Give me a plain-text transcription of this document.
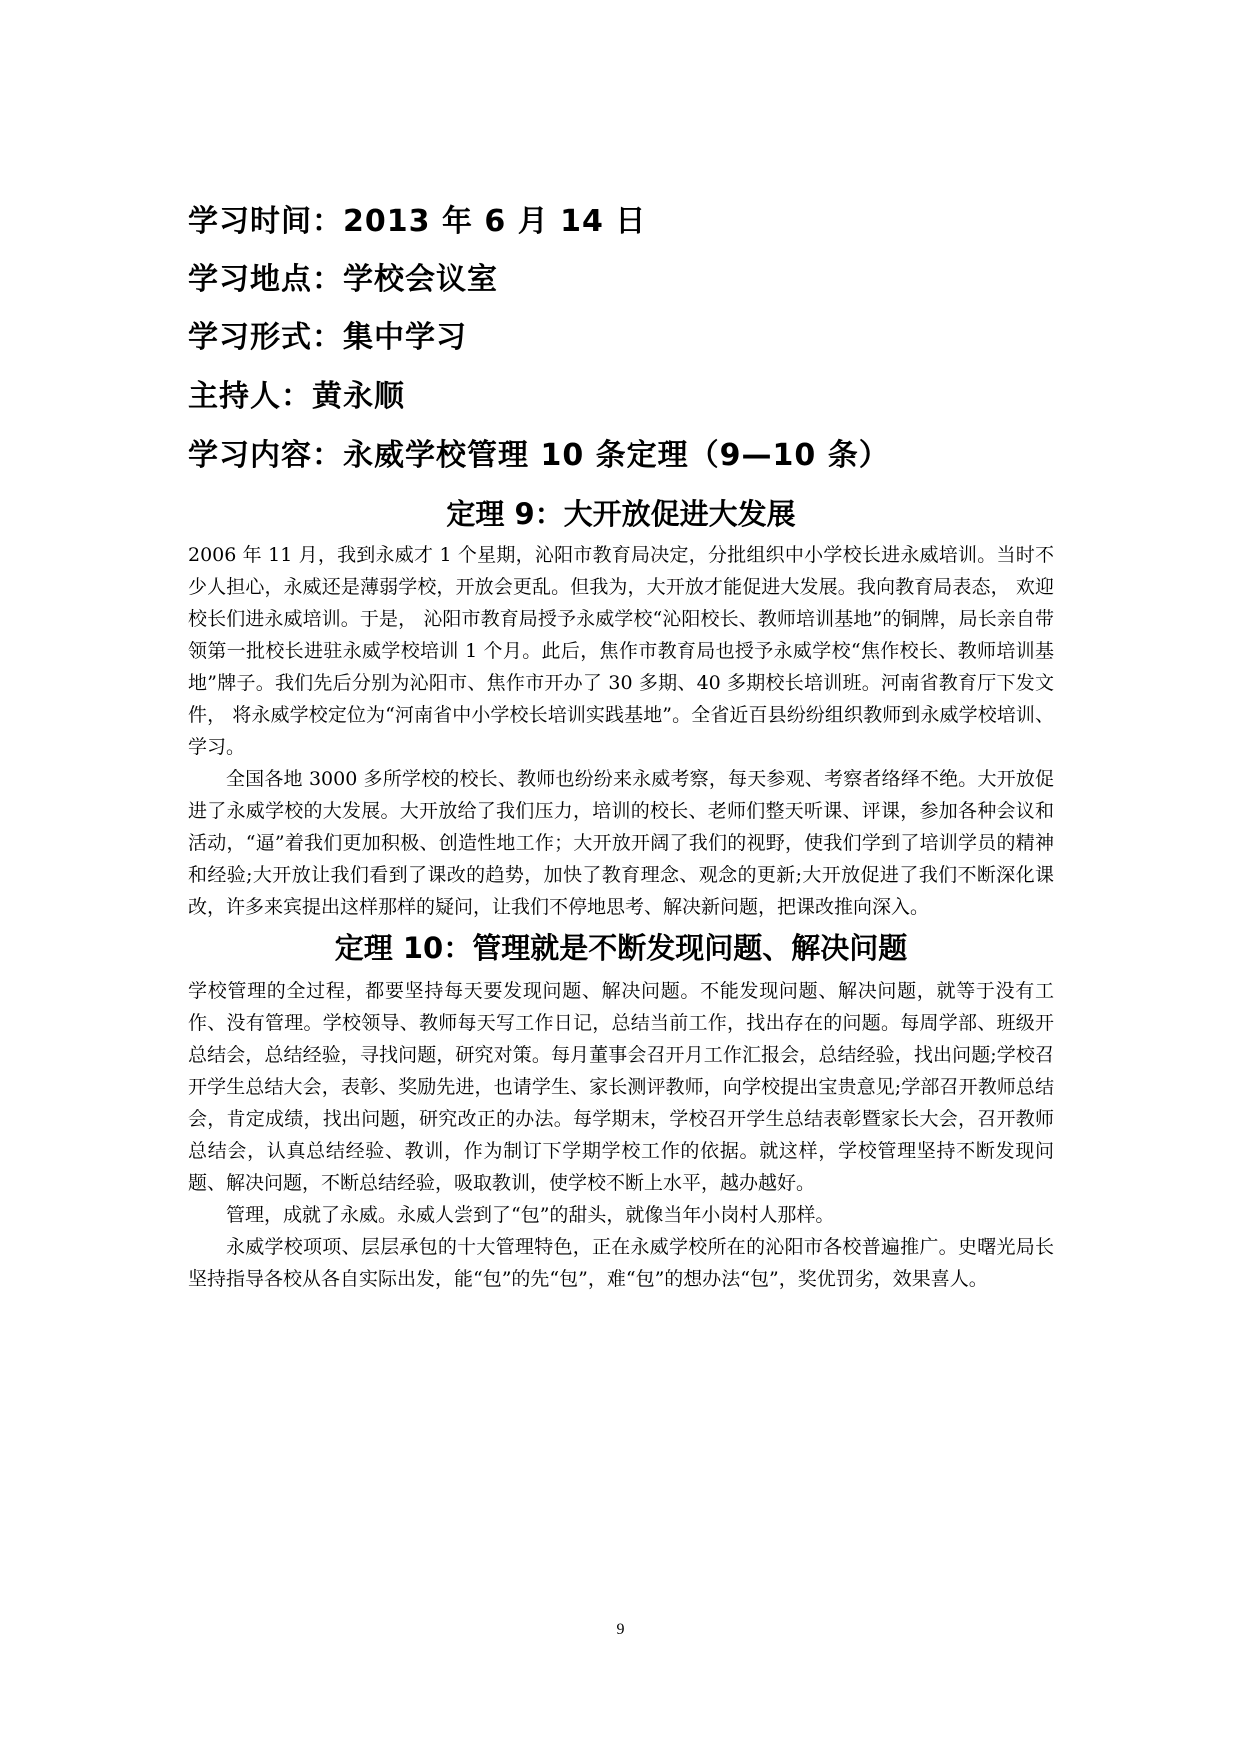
学习时间：2013 年 6 月 14 日
学习地点：学校会议室
学习形式：集中学习
主持人：黄永顺
学习内容：永威学校管理 10 条定理（9—10 条）
定理 9：大开放促进大发展

2006 年 11 月，我到永威才 1 个星期，沁阳市教育局决定，分批组织中小学校长进永威培训。当时不少人担心，永威还是薄弱学校，开放会更乱。但我为，大开放才能促进大发展。我向教育局表态， 欢迎校长们进永威培训。于是， 沁阳市教育局授予永威学校“沁阳校长、教师培训基地”的铜牌，局长亲自带领第一批校长进驻永威学校培训 1 个月。此后，焦作市教育局也授予永威学校“焦作校长、教师培训基地”牌子。我们先后分别为沁阳市、焦作市开办了 30 多期、40 多期校长培训班。河南省教育厅下发文件， 将永威学校定位为“河南省中小学校长培训实践基地”。全省近百县纷纷组织教师到永威学校培训、学习。

全国各地 3000 多所学校的校长、教师也纷纷来永威考察，每天参观、考察者络绎不绝。大开放促进了永威学校的大发展。大开放给了我们压力，培训的校长、老师们整天听课、评课，参加各种会议和活动，“逼”着我们更加积极、创造性地工作；大开放开阔了我们的视野，使我们学到了培训学员的精神和经验;大开放让我们看到了课改的趋势，加快了教育理念、观念的更新;大开放促进了我们不断深化课改，许多来宾提出这样那样的疑问，让我们不停地思考、解决新问题，把课改推向深入。

定理 10：管理就是不断发现问题、解决问题

学校管理的全过程，都要坚持每天要发现问题、解决问题。不能发现问题、解决问题，就等于没有工作、没有管理。学校领导、教师每天写工作日记，总结当前工作，找出存在的问题。每周学部、班级开总结会，总结经验，寻找问题，研究对策。每月董事会召开月工作汇报会，总结经验，找出问题;学校召开学生总结大会，表彰、奖励先进，也请学生、家长测评教师，向学校提出宝贵意见;学部召开教师总结会，肯定成绩，找出问题，研究改正的办法。每学期末，学校召开学生总结表彰暨家长大会，召开教师总结会，认真总结经验、教训，作为制订下学期学校工作的依据。就这样，学校管理坚持不断发现问题、解决问题，不断总结经验，吸取教训，使学校不断上水平，越办越好。

管理，成就了永威。永威人尝到了“包”的甜头，就像当年小岗村人那样。

永威学校项项、层层承包的十大管理特色，正在永威学校所在的沁阳市各校普遍推广。史曙光局长坚持指导各校从各自实际出发，能“包”的先“包”，难“包”的想办法“包”，奖优罚劣，效果喜人。

9
